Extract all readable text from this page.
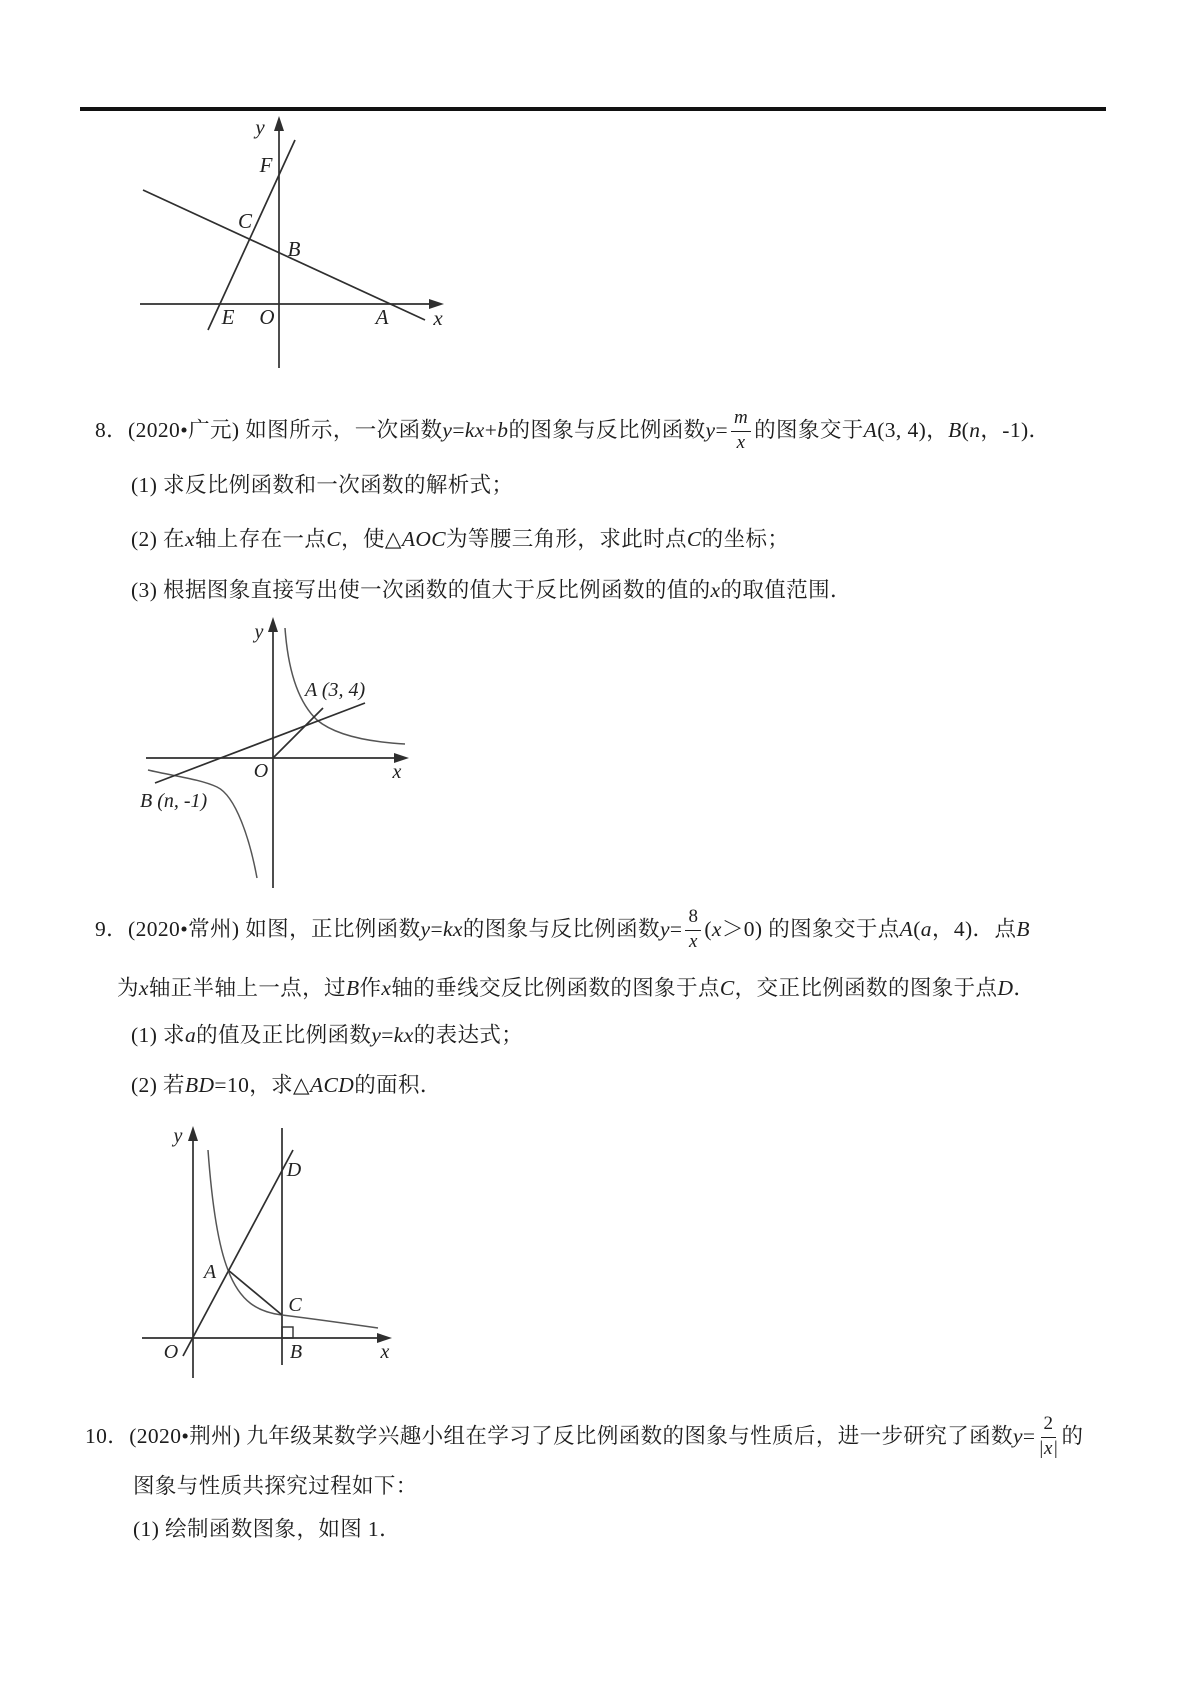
y
x
O
E	A
B
C
F
8．(2020•广元) 如图所示，一次函数 y = kx + b 的图象与反比例函数 $y = \frac{m}{x}$ 的图象交于 A (3, 4)， B ( n ，-1)．
(1) 求反比例函数和一次函数的解析式；
(2) 在 x 轴上存在一点 C ，使△ AOC 为等腰三角形，求此时点 C 的坐标；
(3) 根据图象直接写出使一次函数的值大于反比例函数的值的 x 的取值范围．
y
x
O
A (3, 4)
B (n, -1)
9．(2020•常州) 如图，正比例函数 y = kx 的图象与反比例函数 $y = \frac{8}{x}$ ( x ＞0) 的图象交于点 A ( a ，4)．点 B
为 x 轴正半轴上一点，过 B 作 x 轴的垂线交反比例函数的图象于点 C ，交正比例函数的图象于点 D ．
(1) 求 a 的值及正比例函数 y = kx 的表达式；
(2) 若 BD =10，求△ ACD 的面积．
y
x
O	B
D
A
C
10．(2020•荆州) 九年级某数学兴趣小组在学习了反比例函数的图象与性质后，进一步研究了函数 $y = \frac{2}{|x|}$ 的
图象与性质共探究过程如下：
(1) 绘制函数图象，如图 1．
